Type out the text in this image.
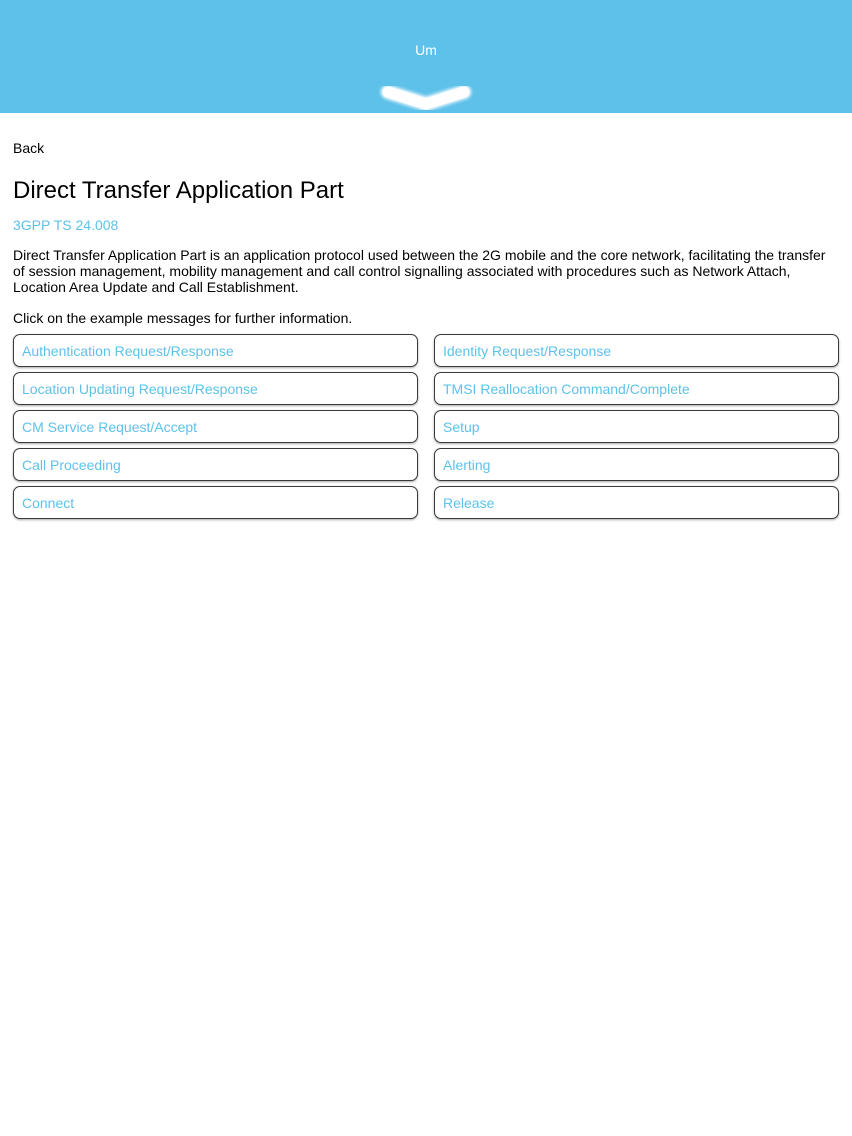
Um
Back
Direct Transfer Application Part
3GPP TS 24.008

Direct Transfer Application Part is an application protocol used between the 2G mobile and the core network, facilitating the transfer of session management, mobility management and call control signalling associated with procedures such as Network Attach, Location Area Update and Call Establishment.

Click on the example messages for further information.
Authentication Request/Response	Identity Request/Response
Location Updating Request/Response	TMSI Reallocation Command/Complete
CM Service Request/Accept	Setup
Call Proceeding	Alerting
Connect	Release
